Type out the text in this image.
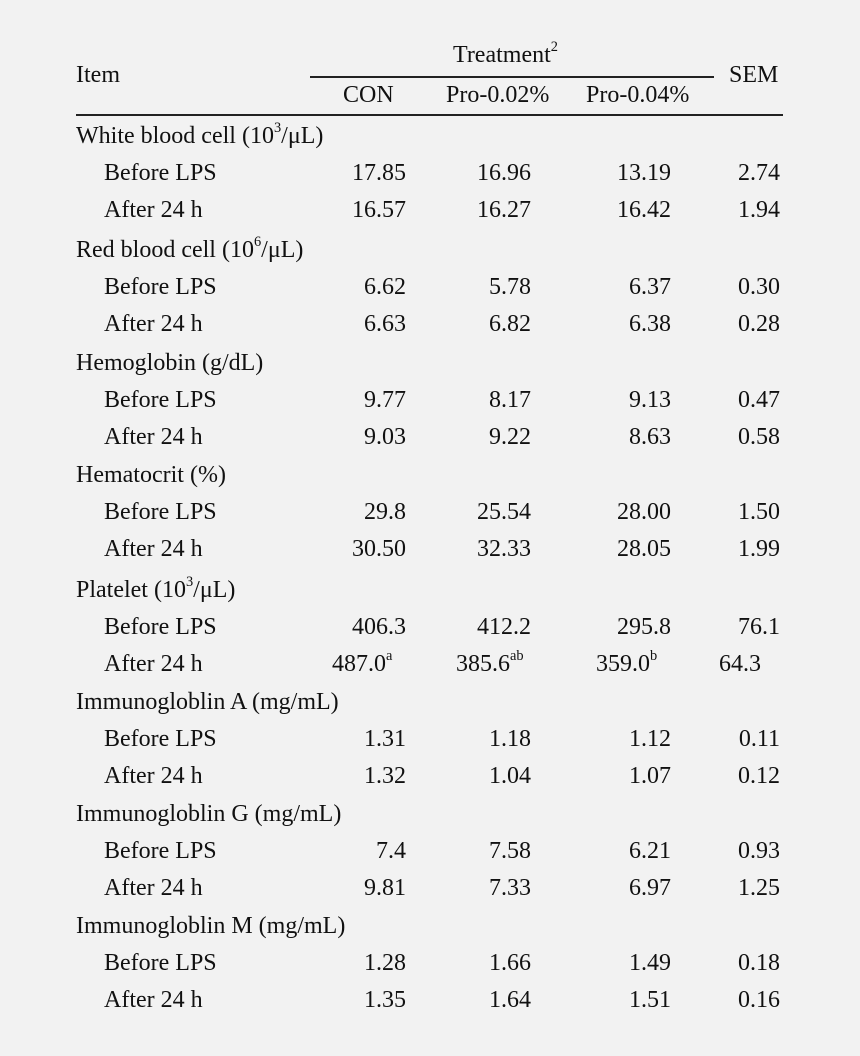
Item
Treatment$^2$
CON Pro-0.02% Pro-0.04%
SEM
White blood cell $(10^3/\mu L)$
Before LPS	17.85	16.96	13.19	2.74
After 24 h	16.57	16.27	16.42	1.94
Red blood cell $(10^6/\mu L)$
Before LPS	6.62	5.78	6.37	0.30
After 24 h	6.63	6.82	6.38	0.28
Hemoglobin (g/dL)
Before LPS	9.77	8.17	9.13	0.47
After 24 h	9.03	9.22	8.63	0.58
Hematocrit (%)
Before LPS	29.8	25.54	28.00	1.50
After 24 h	30.50	32.33	28.05	1.99
Platelet $(10^3/\mu L)$
Before LPS	406.3	412.2	295.8	76.1
After 24 h	487.0$^a$	385.6$^{ab}$	359.0$^b$	64.3
Immunogloblin A (mg/mL)
Before LPS	1.31	1.18	1.12	0.11
After 24 h	1.32	1.04	1.07	0.12
Immunogloblin G (mg/mL)
Before LPS	7.4	7.58	6.21	0.93
After 24 h	9.81	7.33	6.97	1.25
Immunogloblin M (mg/mL)
Before LPS	1.28	1.66	1.49	0.18
After 24 h	1.35	1.64	1.51	0.16
